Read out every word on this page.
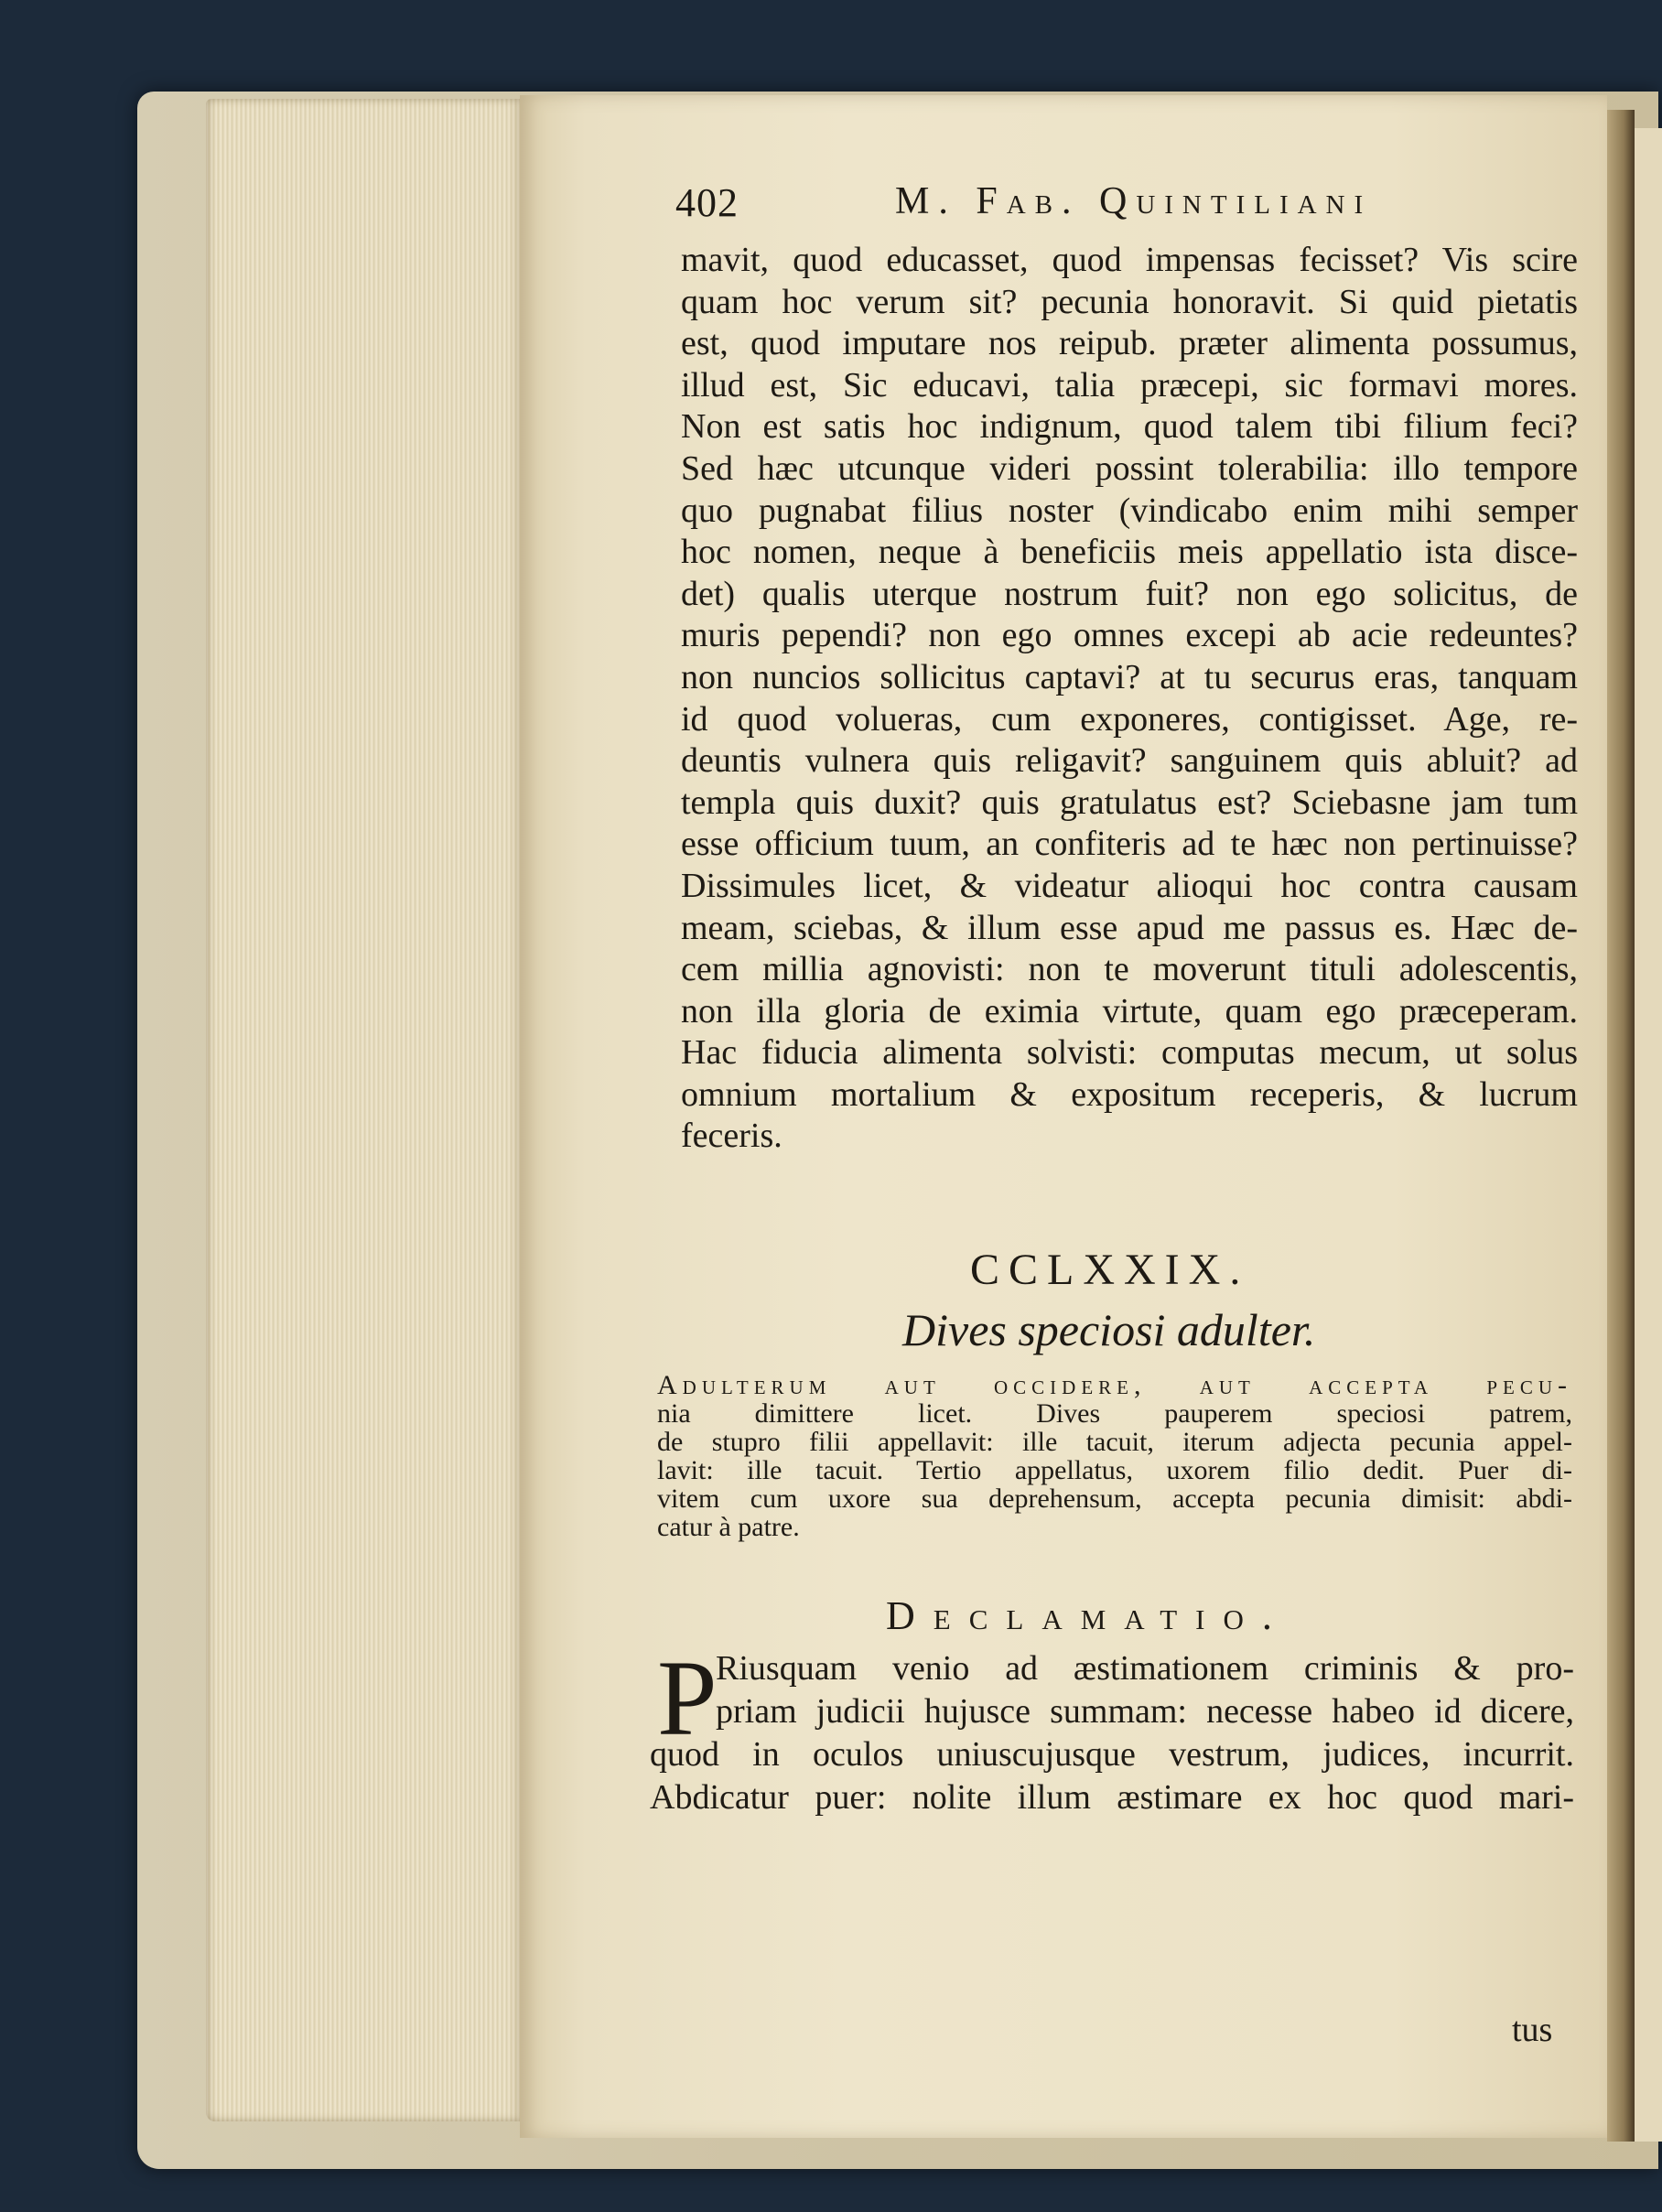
402	M. Fab. Quintiliani
mavit, quod educasset, quod impensas fecisset? Vis scire
quam hoc verum sit? pecunia honoravit. Si quid pietatis
est, quod imputare nos reipub. præter alimenta possumus,
illud est, Sic educavi, talia præcepi, sic formavi mores.
Non est satis hoc indignum, quod talem tibi filium feci?
Sed hæc utcunque videri possint tolerabilia: illo tempore
quo pugnabat filius noster (vindicabo enim mihi semper
hoc nomen, neque à beneficiis meis appellatio ista discе-
det) qualis uterque nostrum fuit? non ego solicitus, de
muris pependi? non ego omnes excepi ab acie redeuntes?
non nuncios sollicitus captavi? at tu securus eras, tanquam
id quod volueras, cum exponeres, contigisset. Age, re-
deuntis vulnera quis religavit? sanguinem quis abluit? ad
templa quis duxit? quis gratulatus est? Sciebasne jam tum
esse officium tuum, an confiteris ad te hæc non pertinuisse?
Dissimules licet, & videatur alioqui hoc contra causam
meam, sciebas, & illum esse apud me passus es. Hæc de-
cem millia agnovisti: non te moverunt tituli adolescentis,
non illa gloria de eximia virtute, quam ego præceperam.
Hac fiducia alimenta solvisti: computas mecum, ut solus
omnium mortalium & expositum receperis, & lucrum
feceris.
CCLXXIX.
Dives speciosi adulter.
Adulterum aut occidere, aut accepta pecu-
nia dimittere licet. Dives pauperem speciosi patrem,
de stupro filii appellavit: ille tacuit, iterum adjecta pecunia appel-
lavit: ille tacuit. Tertio appellatus, uxorem filio dedit. Puer di-
vitem cum uxore sua deprehensum, accepta pecunia dimisit: abdi-
catur à patre.
Declamatio.
P
Riusquam venio ad æstimationem criminis & pro-
priam judicii hujusce summam: necesse habeo id dicere,
quod in oculos uniuscujusque vestrum, judices, incurrit.
Abdicatur puer: nolite illum æstimare ex hoc quod mari-
tus
